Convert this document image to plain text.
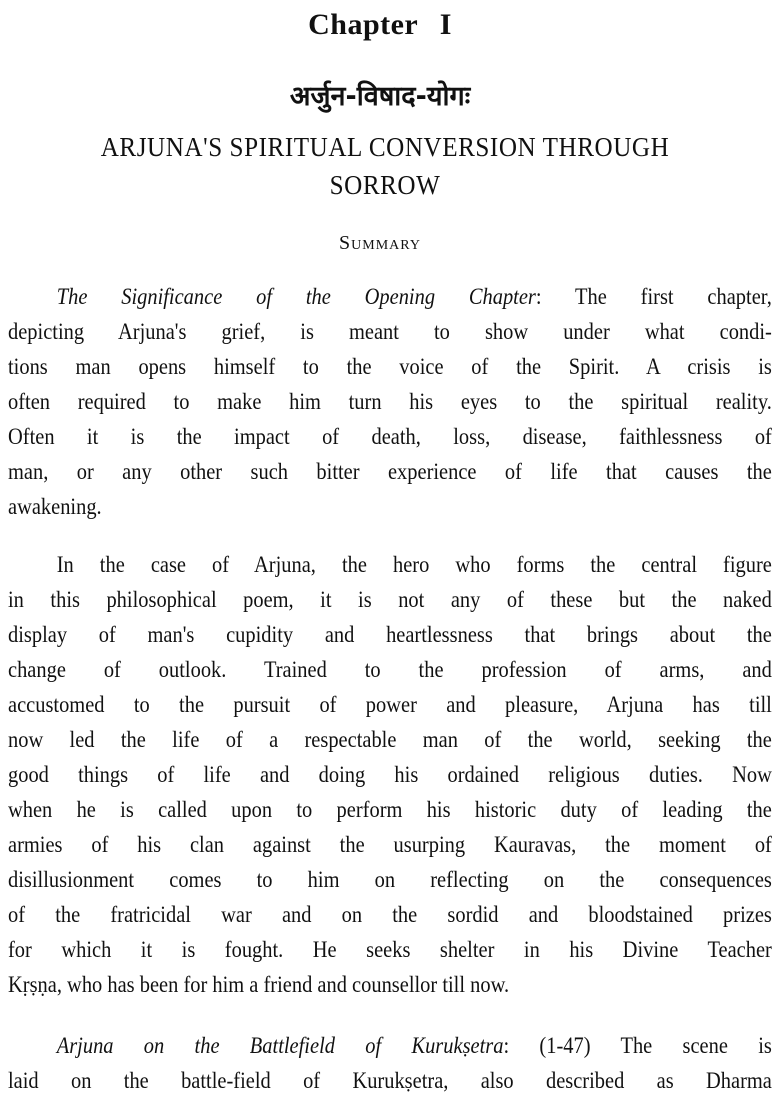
Chapter I
अर्जुन-विषाद-योगः
ARJUNA'S SPIRITUAL CONVERSION THROUGH
SORROW
Summary
The Significance of the Opening Chapter: The first chapter,
depicting Arjuna's grief, is meant to show under what condi-
tions man opens himself to the voice of the Spirit. A crisis is
often required to make him turn his eyes to the spiritual reality.
Often it is the impact of death, loss, disease, faithlessness of
man, or any other such bitter experience of life that causes the
awakening.
In the case of Arjuna, the hero who forms the central figure
in this philosophical poem, it is not any of these but the naked
display of man's cupidity and heartlessness that brings about the
change of outlook. Trained to the profession of arms, and
accustomed to the pursuit of power and pleasure, Arjuna has till
now led the life of a respectable man of the world, seeking the
good things of life and doing his ordained religious duties. Now
when he is called upon to perform his historic duty of leading the
armies of his clan against the usurping Kauravas, the moment of
disillusionment comes to him on reflecting on the consequences
of the fratricidal war and on the sordid and bloodstained prizes
for which it is fought. He seeks shelter in his Divine Teacher
Kṛṣṇa, who has been for him a friend and counsellor till now.
Arjuna on the Battlefield of Kurukṣetra: (1-47) The scene is
laid on the battle-field of Kurukṣetra, also described as Dharma
